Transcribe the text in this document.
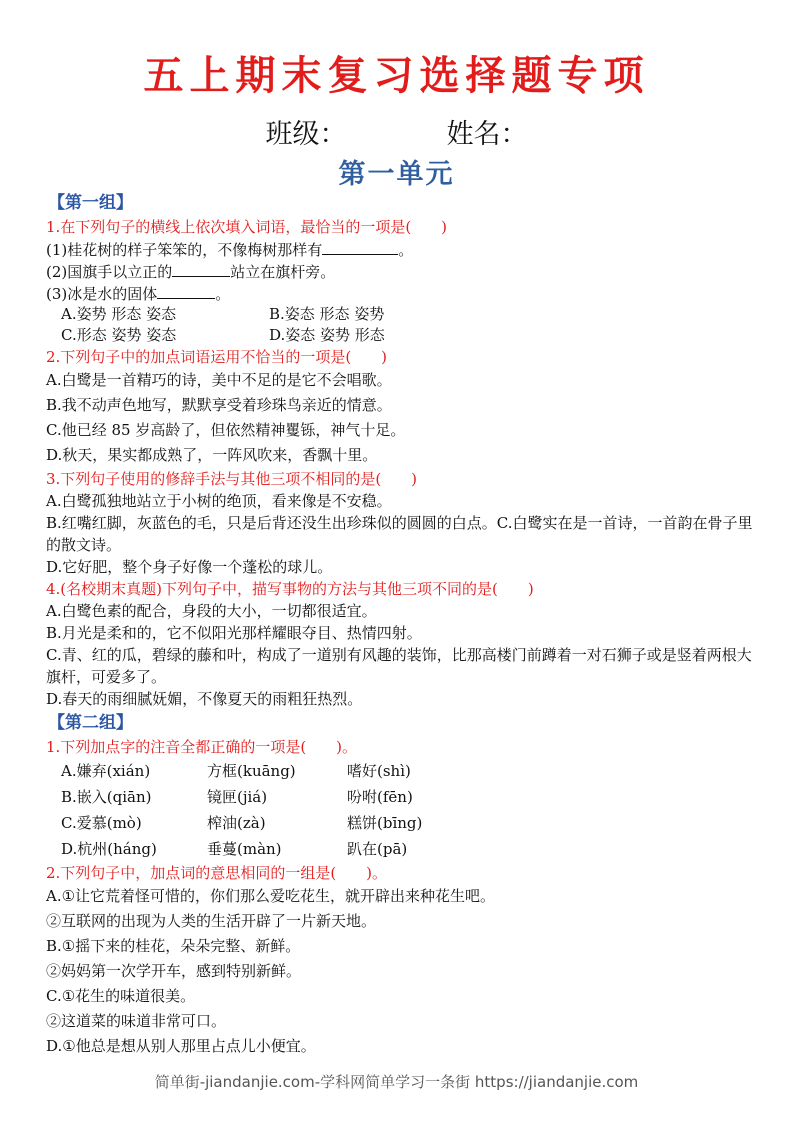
五上期末复习选择题专项
班级：	姓名：
第一单元
【第一组】
1.在下列句子的横线上依次填入词语，最恰当的一项是(　　)
(1)桂花树的样子笨笨的，不像梅树那样有	。
(2)国旗手以立正的	站立在旗杆旁。
(3)冰是水的固体	。
A.姿势 形态 姿态	B.姿态 形态 姿势
C.形态 姿势 姿态	D.姿态 姿势 形态
2.下列句子中的加点词语运用不恰当的一项是(　　)
A.白鹭是一首精巧的诗，美中不足的是它不会唱歌。
B.我不动声色地写，默默享受着珍珠鸟亲近的情意。
C.他已经 85 岁高龄了，但依然精神矍铄，神气十足。
D.秋天，果实都成熟了，一阵风吹来，香飘十里。
3.下列句子使用的修辞手法与其他三项不相同的是(　　)
A.白鹭孤独地站立于小树的绝顶，看来像是不安稳。
B.红嘴红脚，灰蓝色的毛，只是后背还没生出珍珠似的圆圆的白点。C.白鹭实在是一首诗，一首韵在骨子里的散文诗。
D.它好肥，整个身子好像一个蓬松的球儿。
4.(名校期末真题)下列句子中，描写事物的方法与其他三项不同的是(　　)
A.白鹭色素的配合，身段的大小，一切都很适宜。
B.月光是柔和的，它不似阳光那样耀眼夺目、热情四射。
C.青、红的瓜，碧绿的藤和叶，构成了一道别有风趣的装饰，比那高楼门前蹲着一对石狮子或是竖着两根大旗杆，可爱多了。
D.春天的雨细腻妩媚，不像夏天的雨粗狂热烈。
【第二组】
1.下列加点字的注音全都正确的一项是(　　)。
A.嫌弃(xián)	方框(kuāng)	嗜好(shì)
B.嵌入(qiān)	镜匣(jiá)	吩咐(fēn)
C.爱慕(mò)	榨油(zà)	糕饼(bīng)
D.杭州(háng)	垂蔓(màn)	趴在(pā)
2.下列句子中，加点词的意思相同的一组是(　　)。
A.①让它荒着怪可惜的，你们那么爱吃花生，就开辟出来种花生吧。
②互联网的出现为人类的生活开辟了一片新天地。
B.①摇下来的桂花，朵朵完整、新鲜。
②妈妈第一次学开车，感到特别新鲜。
C.①花生的味道很美。
②这道菜的味道非常可口。
D.①他总是想从别人那里占点儿小便宜。
简单街-jiandanjie.com-学科网简单学习一条街 https://jiandanjie.com
